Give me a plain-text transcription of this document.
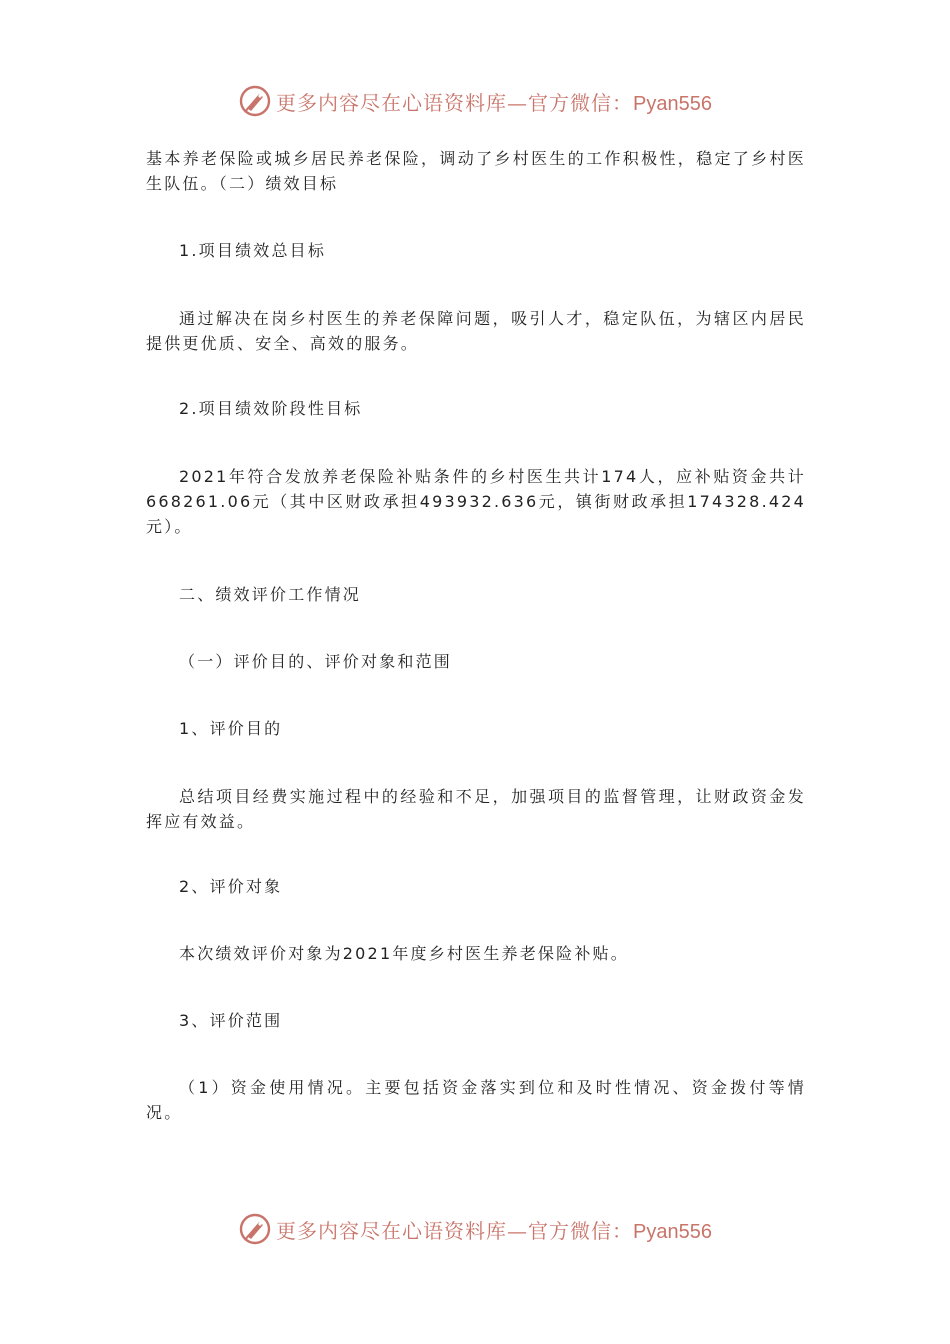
更多内容尽在心语资料库—官方微信：Pyan556

基本养老保险或城乡居民养老保险，调动了乡村医生的工作积极性，稳定了乡村医生队伍。（二）绩效目标

1.项目绩效总目标

通过解决在岗乡村医生的养老保障问题，吸引人才，稳定队伍，为辖区内居民提供更优质、安全、高效的服务。

2.项目绩效阶段性目标

2021年符合发放养老保险补贴条件的乡村医生共计174人，应补贴资金共计668261.06元（其中区财政承担493932.636元，镇街财政承担174328.424元）。

二、绩效评价工作情况

（一）评价目的、评价对象和范围

1、评价目的

总结项目经费实施过程中的经验和不足，加强项目的监督管理，让财政资金发挥应有效益。

2、评价对象

本次绩效评价对象为2021年度乡村医生养老保险补贴。

3、评价范围

（1）资金使用情况。主要包括资金落实到位和及时性情况、资金拨付等情况。

更多内容尽在心语资料库—官方微信：Pyan556
